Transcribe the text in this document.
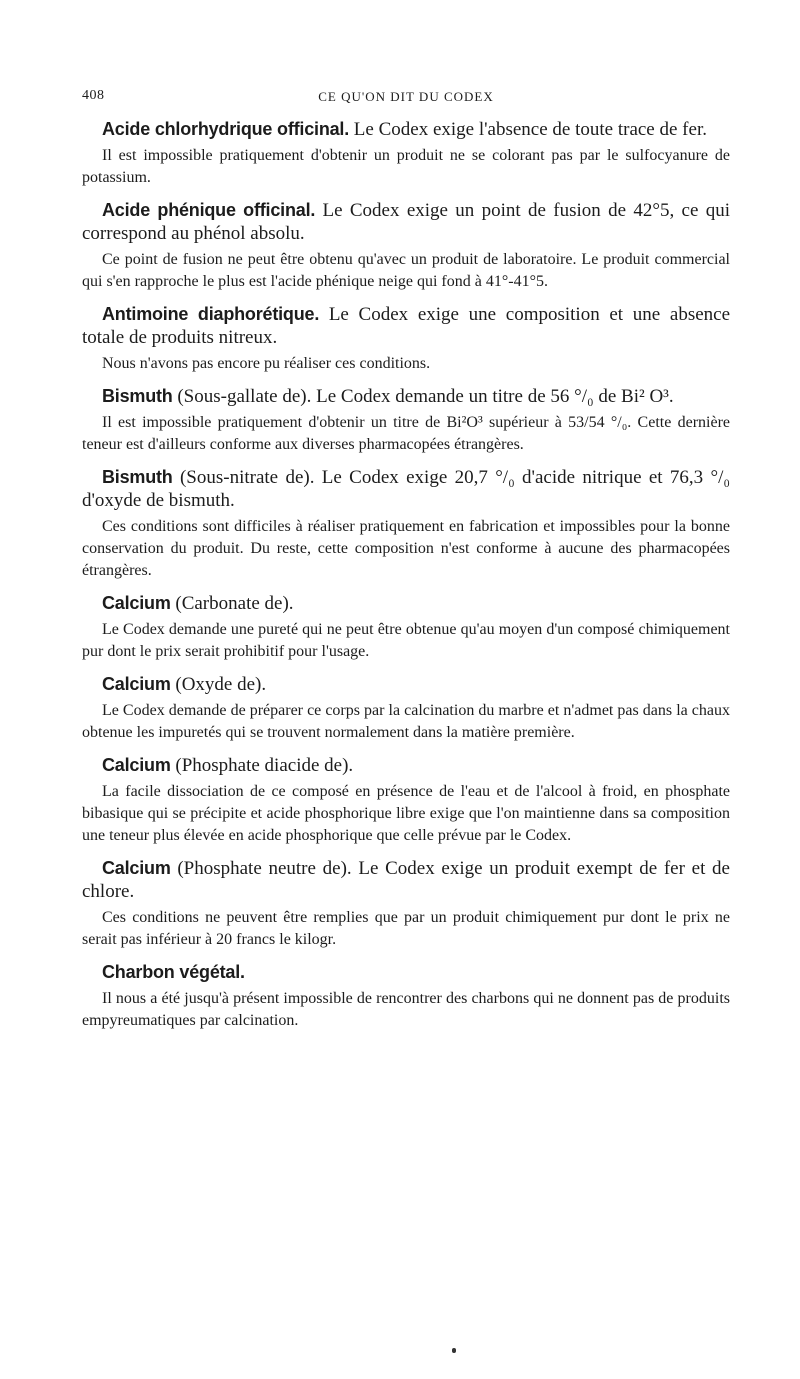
408	CE QU'ON DIT DU CODEX

Acide chlorhydrique officinal. Le Codex exige l'absence de toute trace de fer.

Il est impossible pratiquement d'obtenir un produit ne se colorant pas par le sulfocyanure de potassium.

Acide phénique officinal. Le Codex exige un point de fusion de 42°5, ce qui correspond au phénol absolu.

Ce point de fusion ne peut être obtenu qu'avec un produit de laboratoire. Le produit commercial qui s'en rapproche le plus est l'acide phénique neige qui fond à 41°-41°5.

Antimoine diaphorétique. Le Codex exige une composition et une absence totale de produits nitreux.

Nous n'avons pas encore pu réaliser ces conditions.

Bismuth (Sous-gallate de). Le Codex demande un titre de 56 °/₀ de Bi² O³.

Il est impossible pratiquement d'obtenir un titre de Bi²O³ supérieur à 53/54 °/₀. Cette dernière teneur est d'ailleurs conforme aux diverses pharmacopées étrangères.

Bismuth (Sous-nitrate de). Le Codex exige 20,7 °/₀ d'acide nitrique et 76,3 °/₀ d'oxyde de bismuth.

Ces conditions sont difficiles à réaliser pratiquement en fabrication et impossibles pour la bonne conservation du produit. Du reste, cette composition n'est conforme à aucune des pharmacopées étrangères.

Calcium (Carbonate de).

Le Codex demande une pureté qui ne peut être obtenue qu'au moyen d'un composé chimiquement pur dont le prix serait prohibitif pour l'usage.

Calcium (Oxyde de).

Le Codex demande de préparer ce corps par la calcination du marbre et n'admet pas dans la chaux obtenue les impuretés qui se trouvent normalement dans la matière première.

Calcium (Phosphate diacide de).

La facile dissociation de ce composé en présence de l'eau et de l'alcool à froid, en phosphate bibasique qui se précipite et acide phosphorique libre exige que l'on maintienne dans sa composition une teneur plus élevée en acide phosphorique que celle prévue par le Codex.

Calcium (Phosphate neutre de). Le Codex exige un produit exempt de fer et de chlore.

Ces conditions ne peuvent être remplies que par un produit chimiquement pur dont le prix ne serait pas inférieur à 20 francs le kilogr.

Charbon végétal.

Il nous a été jusqu'à présent impossible de rencontrer des charbons qui ne donnent pas de produits empyreumatiques par calcination.
